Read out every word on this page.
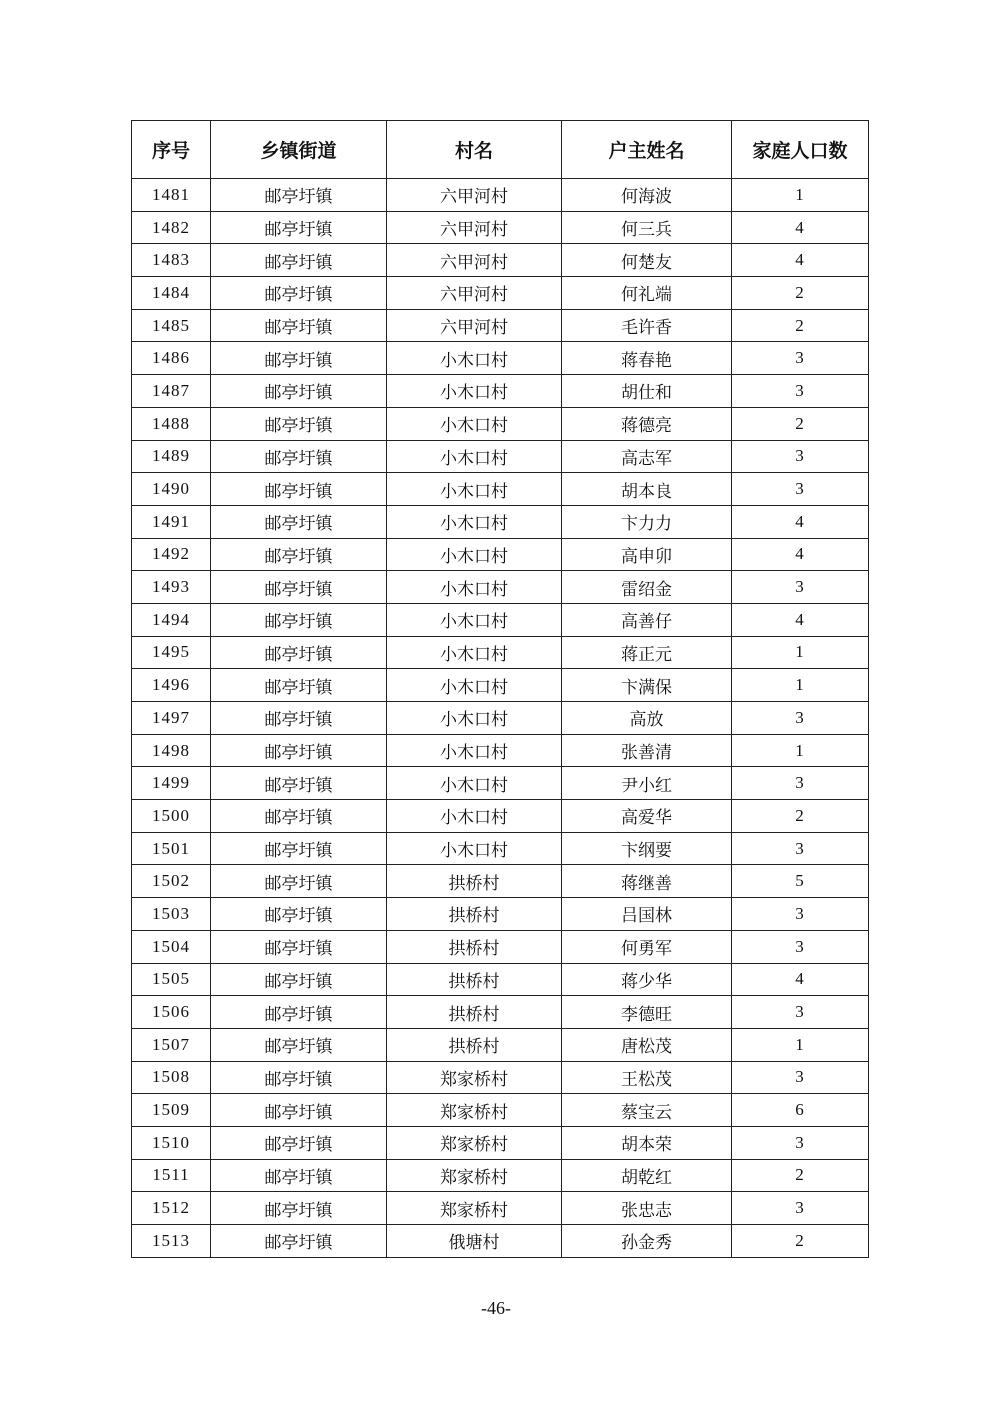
序号	乡镇街道	村名	户主姓名	家庭人口数
1481	邮亭圩镇	六甲河村	何海波	1
1482	邮亭圩镇	六甲河村	何三兵	4
1483	邮亭圩镇	六甲河村	何楚友	4
1484	邮亭圩镇	六甲河村	何礼端	2
1485	邮亭圩镇	六甲河村	毛许香	2
1486	邮亭圩镇	小木口村	蒋春艳	3
1487	邮亭圩镇	小木口村	胡仕和	3
1488	邮亭圩镇	小木口村	蒋德亮	2
1489	邮亭圩镇	小木口村	高志军	3
1490	邮亭圩镇	小木口村	胡本良	3
1491	邮亭圩镇	小木口村	卞力力	4
1492	邮亭圩镇	小木口村	高申卯	4
1493	邮亭圩镇	小木口村	雷绍金	3
1494	邮亭圩镇	小木口村	高善仔	4
1495	邮亭圩镇	小木口村	蒋正元	1
1496	邮亭圩镇	小木口村	卞满保	1
1497	邮亭圩镇	小木口村	高放	3
1498	邮亭圩镇	小木口村	张善清	1
1499	邮亭圩镇	小木口村	尹小红	3
1500	邮亭圩镇	小木口村	高爱华	2
1501	邮亭圩镇	小木口村	卞纲要	3
1502	邮亭圩镇	拱桥村	蒋继善	5
1503	邮亭圩镇	拱桥村	吕国林	3
1504	邮亭圩镇	拱桥村	何勇军	3
1505	邮亭圩镇	拱桥村	蒋少华	4
1506	邮亭圩镇	拱桥村	李德旺	3
1507	邮亭圩镇	拱桥村	唐松茂	1
1508	邮亭圩镇	郑家桥村	王松茂	3
1509	邮亭圩镇	郑家桥村	蔡宝云	6
1510	邮亭圩镇	郑家桥村	胡本荣	3
1511	邮亭圩镇	郑家桥村	胡乾红	2
1512	邮亭圩镇	郑家桥村	张忠志	3
1513	邮亭圩镇	俄塘村	孙金秀	2
-46-
